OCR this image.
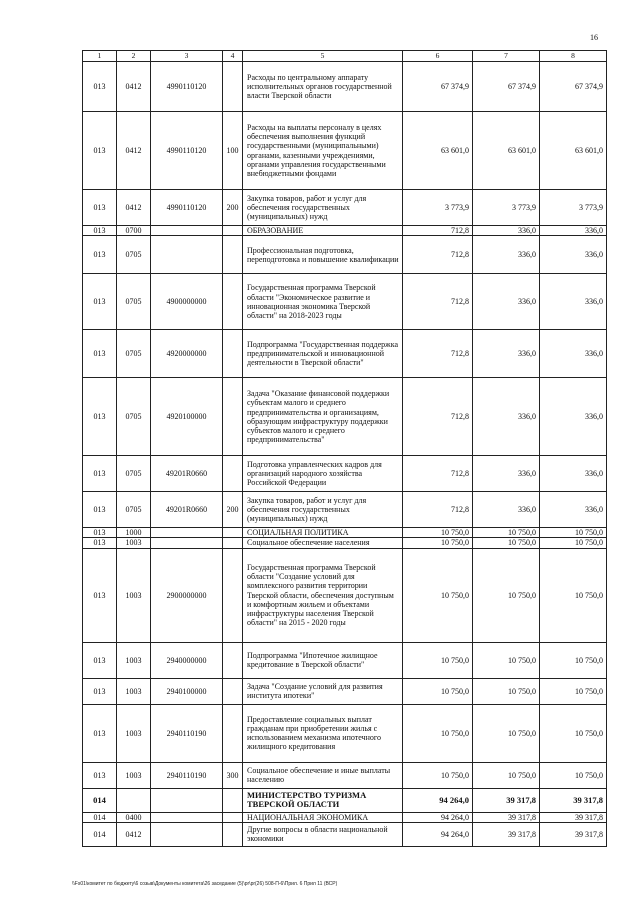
16
1	2	3	4	5	6	7	8
013	0412	4990110120		Расходы по центральному аппарату исполнительных органов государственной власти Тверской области	67 374,9	67 374,9	67 374,9
013	0412	4990110120	100	Расходы на выплаты персоналу в целях обеспечения выполнения функций государственными (муниципальными) органами, казенными учреждениями, органами управления государственными внебюджетными фондами	63 601,0	63 601,0	63 601,0
013	0412	4990110120	200	Закупка товаров, работ и услуг для обеспечения государственных (муниципальных) нужд	3 773,9	3 773,9	3 773,9
013	0700			ОБРАЗОВАНИЕ	712,8	336,0	336,0
013	0705			Профессиональная подготовка, переподготовка и повышение квалификации	712,8	336,0	336,0
013	0705	4900000000		Государственная программа Тверской области "Экономическое развитие и инновационная экономика Тверской области" на 2018-2023 годы	712,8	336,0	336,0
013	0705	4920000000		Подпрограмма "Государственная поддержка предпринимательской и инновационной деятельности в Тверской области"	712,8	336,0	336,0
013	0705	4920100000		Задача "Оказание финансовой поддержки субъектам малого и среднего предпринимательства и организациям, образующим инфраструктуру поддержки субъектов малого и среднего предпринимательства"	712,8	336,0	336,0
013	0705	49201R0660		Подготовка управленческих кадров для организаций народного хозяйства Российской Федерации	712,8	336,0	336,0
013	0705	49201R0660	200	Закупка товаров, работ и услуг для обеспечения государственных (муниципальных) нужд	712,8	336,0	336,0
013	1000			СОЦИАЛЬНАЯ ПОЛИТИКА	10 750,0	10 750,0	10 750,0
013	1003			Социальное обеспечение населения	10 750,0	10 750,0	10 750,0
013	1003	2900000000		Государственная программа Тверской области "Создание условий для комплексного развития территории Тверской области, обеспечения доступным и комфортным жильем и объектами инфраструктуры населения Тверской области" на 2015 - 2020 годы	10 750,0	10 750,0	10 750,0
013	1003	2940000000		Подпрограмма "Ипотечное жилищное кредитование в Тверской области"	10 750,0	10 750,0	10 750,0
013	1003	2940100000		Задача "Создание условий для развития института ипотеки"	10 750,0	10 750,0	10 750,0
013	1003	2940110190		Предоставление социальных выплат гражданам при приобретении жилья с использованием механизма ипотечного жилищного кредитования	10 750,0	10 750,0	10 750,0
013	1003	2940110190	300	Социальное обеспечение и иные выплаты населению	10 750,0	10 750,0	10 750,0
014				МИНИСТЕРСТВО ТУРИЗМА ТВЕРСКОЙ ОБЛАСТИ	94 264,0	39 317,8	39 317,8
014	0400			НАЦИОНАЛЬНАЯ ЭКОНОМИКА	94 264,0	39 317,8	39 317,8
014	0412			Другие вопросы в области национальной экономики	94 264,0	39 317,8	39 317,8
\\Fs01\комитет по бюджету\6 созыв\Документы комитета\26 заседание (5)\pr\pr(26) 508-П-6\Прил. 6 Прил 11 (ВСР)
